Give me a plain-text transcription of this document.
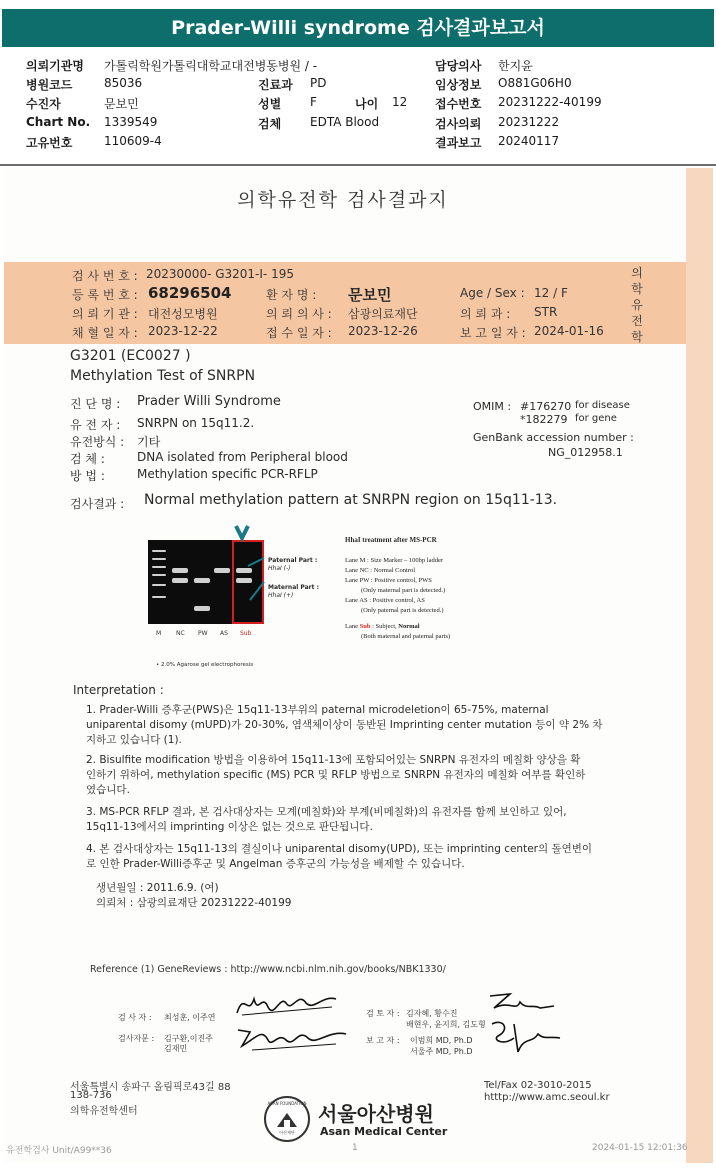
Prader-Willi syndrome 검사결과보고서
의뢰기관명 가톨릭학원가톨릭대학교대전병동병원 / -	담당의사 한지윤
병원코드	85036	진료과 PD	임상정보 O881G06H0
수진자	문보민	성별 F	나이 12 접수번호 20231222-40199
Chart No. 1339549	검체 EDTA Blood	검사의뢰 20231222
고유번호	110609-4	결과보고 20240117
의학유전학 검사결과지
검 사 번 호 : 20230000- G3201-I- 195
등 록 번 호 : 68296504	환 자 명 : 문보민	Age / Sex : 12 / F
의 뢰 기 관 : 대전성모병원	의 뢰 의 사 : 삼광의료재단	의 뢰 과 : STR
채 혈 일 자 : 2023-12-22	접 수 일 자 : 2023-12-26	보 고 일 자 : 2024-01-16
의
학
유
전
학
G3201 (EC0027 )
Methylation Test of SNRPN
진 단 명 : Prader Willi Syndrome
유 전 자 : SNRPN on 15q11.2.
유전방식 : 기타
검 체 :	DNA isolated from Peripheral blood
방 법 :	Methylation specific PCR-RFLP
OMIM : #176270 for disease
*182279 for gene
GenBank accession number :
NG_012958.1
검사결과 : Normal methylation pattern at SNRPN region on 15q11-13.
M NC PW AS Sub
Paternal Part :
HhaI (-)
Maternal Part :
HhaI (+)
• 2.0% Agarose gel electrophoresis
HhaI treatment after MS-PCR
Lane M : Size Marker – 100bp ladder
Lane NC : Normal Control
Lane PW : Positive control, PWS
(Only maternal part is detected.)
Lane AS : Positive control, AS
(Only paternal part is detected.)
Lane Sub : Subject, Normal
(Both maternal and paternal parts)
Interpretation :

1. Prader-Willi 증후군(PWS)은 15q11-13부위의 paternal microdeletion이 65-75%, maternal

uniparental disomy (mUPD)가 20-30%, 염색체이상이 동반된 Imprinting center mutation 등이 약 2% 차

지하고 있습니다 (1).

2. Bisulfite modification 방법을 이용하여 15q11-13에 포함되어있는 SNRPN 유전자의 메칠화 양상을 확

인하기 위하여, methylation specific (MS) PCR 및 RFLP 방법으로 SNRPN 유전자의 메칠화 여부를 확인하

였습니다.

3. MS-PCR RFLP 결과, 본 검사대상자는 모계(메칠화)와 부계(비메칠화)의 유전자를 함께 보인하고 있어,

15q11-13에서의 imprinting 이상은 없는 것으로 판단됩니다.

4. 본 검사대상자는 15q11-13의 결실이나 uniparental disomy(UPD), 또는 imprinting center의 돌연변이

로 인한 Prader-Willi증후군 및 Angelman 증후군의 가능성을 배제할 수 있습니다.

생년월일 : 2011.6.9. (여)
의뢰처 : 삼광의료재단 20231222-40199
Reference (1) GeneReviews : http://www.ncbi.nlm.nih.gov/books/NBK1330/
검 사 자 : 최성훈, 이주연
검사자문 : 김구환,이진주
김재민
검 토 자 : 김자혜, 황수진
배현우, 윤지희, 김도형
보 고 자 : 이범희 MD, Ph.D
서울주 MD, Ph.D
서울특별시 송파구 올림픽로43길 88
138-736
의학유전학센터
Tel/Fax 02-3010-2015
htttp://www.amc.seoul.kr
ASAN FOUNDATION
아산재단
서울아산병원
Asan Medical Center
유전학검사 Unit/A99**36	1	2024-01-15 12:01:36
